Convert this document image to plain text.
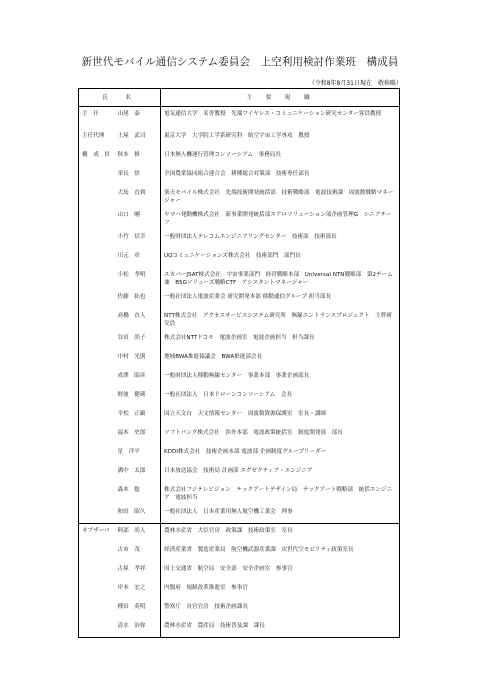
新世代モバイル通信システム委員会　上空利用検討作業班　構成員
（令和8年8月31日現在　敬称略）
氏　名		主　要　現　職
主　任	山尾　泰	電気通信大学　名誉教授　先端ワイヤレス・コミュニケーション研究センター客員教授
主任代理	土屋　武司	東京大学　大学院工学系研究科　航空宇宙工学専攻　教授
構　成　員	秋本　修	日本無人機運行管理コンソーシアム　事務局長
	栄長　悟	全国農業協同組合連合会　耕種総合対策部　技術専任部長
	大島　直到	楽天モバイル株式会社　先端技術開発統括部　技術戦略部　電波技術課　周波数戦略マネージャー
	山口　剛	ヤマハ発動機株式会社　新事業開発統括部エアロソリューション部企画管理G　シニアチーフ
	小竹　信幸	一般財団法人テレコムエンジニアリングセンター　技術部　技術部長
	川元　章	UQコミュニケーションズ株式会社　技術部門　部門長
	小松　孝明	スカパーJSAT株式会社　宇宙事業部門　経営戦略本部　Universal NTN戦略部　第2チーム　兼　B5Gソリューズ戦略CTF　アシスタントマネージャー
	佐藤　拓也	一般社団法人電波産業会 研究開発本部 移動通信グループ 担当部長
	髙橋　直人	NTT株式会社　アクセスサービスシステム研究所　無線エントランスプロジェクト　主幹研究員
	谷田　尚子	株式会社NTTドコモ　電波企画室　電波企画担当　担当課長
	中村　光則	地域BWA推進協議会　BWA推進部会長
	成澤　昭彦	一般財団法人移動無線センター　事業本部　事業企画部長
	野波　健蔵	一般社団法人　日本ドローンコンソーシアム　会長
	平松　正顕	国立天文台　天文情報センター　周波数資源保護室　室長・講師
	福本　史郎	ソフトバンク株式会社　渉外本部　電波政策統括室　制度開発部　部長
	星　洋平	KDDI株式会社　技術企画本部 電波部 企画制度グループリーダー
	溝中　太郎	日本放送協会　技術局 計画部 エグゼクティブ・エンジニア
	森本　聡	株式会社フジテレビジョン　テックアートデザイン局　テックアート戦略部　統括エンジニア　電波担当
	和田　昭久	一般社団法人　日本産業用無人航空機工業会　理事
オブザーバ	阿部　尚人	農林水産省　大臣官房　政策課　技術政策室　室長
	古市　茂	経済産業省　製造産業局　航空機武器産業課　次世代空モビリティ政策室長
	古屋　孝祥	国土交通省　航空局　安全部　安全企画室　参事官
	岸本　宏之	内閣府　規制改革推進室　参事官
	種田　英明	警察庁　長官官房　技術企画課長
	清水　治弥	農林水産省　農産局　技術普及課　課長
